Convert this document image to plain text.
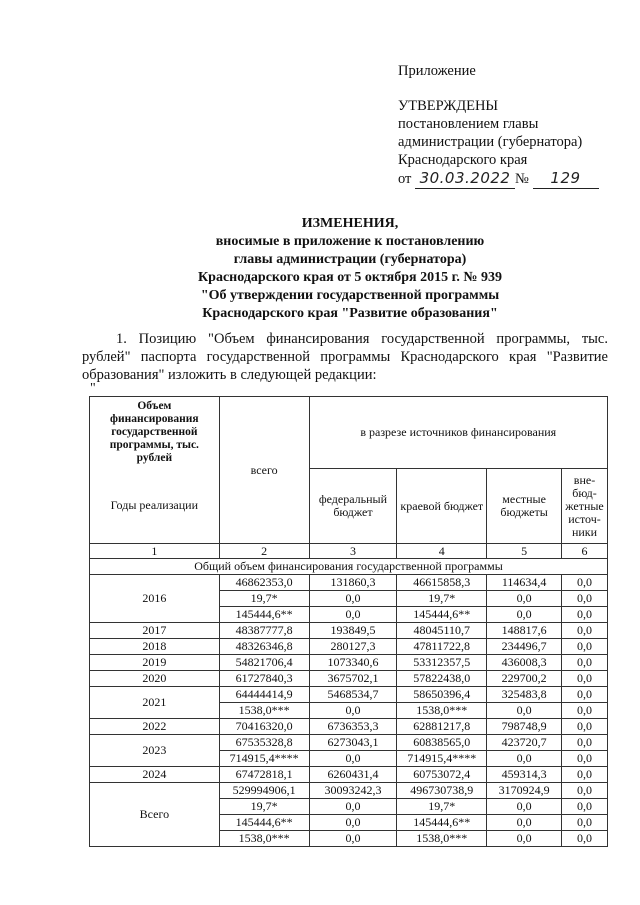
Приложение
УТВЕРЖДЕНЫ
постановлением главы
администрации (губернатора)
Краснодарского края
от 30.03.2022 № 129
ИЗМЕНЕНИЯ,
вносимые в приложение к постановлению
главы администрации (губернатора)
Краснодарского края от 5 октября 2015 г. № 939
"Об утверждении государственной программы
Краснодарского края "Развитие образования"
1. Позицию "Объем финансирования государственной программы, тыс. рублей" паспорта государственной программы Краснодарского края "Развитие образования" изложить в следующей редакции:
"
Объем финансирования государственной программы, тыс. рублей	всего	в разрезе источников финансирования			
Годы реализации		федеральный бюджет	краевой бюджет	местные бюджеты	вне-бюд-жетные источ-ники
1	2	3	4	5	6
Общий объем финансирования государственной программы					
2016	46862353,0	131860,3	46615858,3	114634,4	0,0
	19,7*	0,0	19,7*	0,0	0,0
	145444,6**	0,0	145444,6**	0,0	0,0
2017	48387777,8	193849,5	48045110,7	148817,6	0,0
2018	48326346,8	280127,3	47811722,8	234496,7	0,0
2019	54821706,4	1073340,6	53312357,5	436008,3	0,0
2020	61727840,3	3675702,1	57822438,0	229700,2	0,0
2021	64444414,9	5468534,7	58650396,4	325483,8	0,0
	1538,0***	0,0	1538,0***	0,0	0,0
2022	70416320,0	6736353,3	62881217,8	798748,9	0,0
2023	67535328,8	6273043,1	60838565,0	423720,7	0,0
	714915,4****	0,0	714915,4****	0,0	0,0
2024	67472818,1	6260431,4	60753072,4	459314,3	0,0
Всего	529994906,1	30093242,3	496730738,9	3170924,9	0,0
	19,7*	0,0	19,7*	0,0	0,0
	145444,6**	0,0	145444,6**	0,0	0,0
	1538,0***	0,0	1538,0***	0,0	0,0
